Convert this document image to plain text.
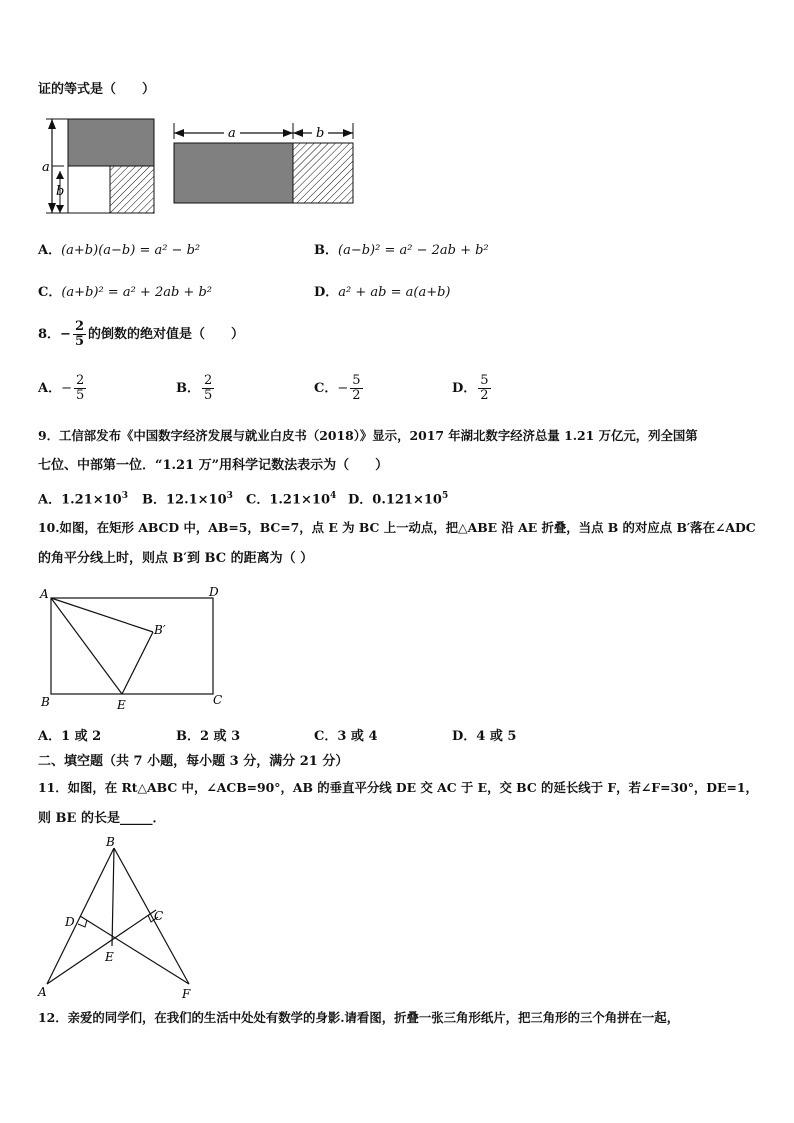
证的等式是（　　）
a
b
a	b
A．(a+b)(a−b) = a² − b²	B．(a−b)² = a² − 2ab + b²
C．(a+b)² = a² + 2ab + b²	D．a² + ab = a(a+b)
8．− $\frac{2}{5}$ 的倒数的绝对值是（　　）
A．− $\frac{2}{5}$	B． $\frac{2}{5}$	C．− $\frac{5}{2}$	D． $\frac{5}{2}$
9．工信部发布《中国数字经济发展与就业白皮书（2018）》显示，2017 年湖北数字经济总量 1.21 万亿元，列全国第
七位、中部第一位．“1.21 万”用科学记数法表示为（　　）
A．$1.21\times 10^3$ B．$12.1\times 10^3$ C．$1.21\times 10^4$ D．$0.121\times 10^5$
10.如图，在矩形 ABCD 中，AB=5，BC=7，点 E 为 BC 上一动点，把△ABE 沿 AE 折叠，当点 B 的对应点 B′落在∠ADC
的角平分线上时，则点 B′到 BC 的距离为（ ）
A	D
B′
B	E	C
A．1 或 2	B．2 或 3	C．3 或 4	D．4 或 5
二、填空题（共 7 小题，每小题 3 分，满分 21 分）
11．如图，在 Rt△ABC 中，∠ACB=90°，AB 的垂直平分线 DE 交 AC 于 E，交 BC 的延长线于 F，若∠F=30°，DE=1，
则 BE 的长是_____．
B
D	C
E
A	F
12．亲爱的同学们，在我们的生活中处处有数学的身影.请看图，折叠一张三角形纸片，把三角形的三个角拼在一起，
